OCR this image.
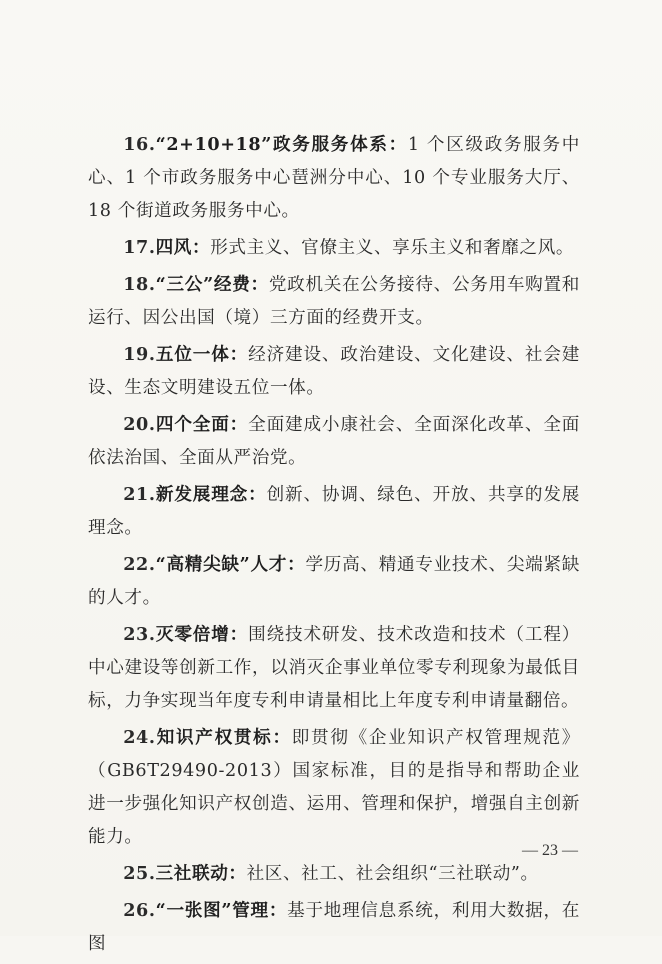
16.“2+10+18”政务服务体系：1 个区级政务服务中心、1 个市政务服务中心琶洲分中心、10 个专业服务大厅、18 个街道政务服务中心。

17.四风：形式主义、官僚主义、享乐主义和奢靡之风。

18.“三公”经费：党政机关在公务接待、公务用车购置和运行、因公出国（境）三方面的经费开支。

19.五位一体：经济建设、政治建设、文化建设、社会建设、生态文明建设五位一体。

20.四个全面：全面建成小康社会、全面深化改革、全面依法治国、全面从严治党。

21.新发展理念：创新、协调、绿色、开放、共享的发展理念。

22.“高精尖缺”人才：学历高、精通专业技术、尖端紧缺的人才。

23.灭零倍增：围绕技术研发、技术改造和技术（工程）中心建设等创新工作，以消灭企事业单位零专利现象为最低目标，力争实现当年度专利申请量相比上年度专利申请量翻倍。

24.知识产权贯标：即贯彻《企业知识产权管理规范》（GB6T29490-2013）国家标准，目的是指导和帮助企业进一步强化知识产权创造、运用、管理和保护，增强自主创新能力。

25.三社联动：社区、社工、社会组织“三社联动”。

26.“一张图”管理：基于地理信息系统，利用大数据，在图

— 23 —
